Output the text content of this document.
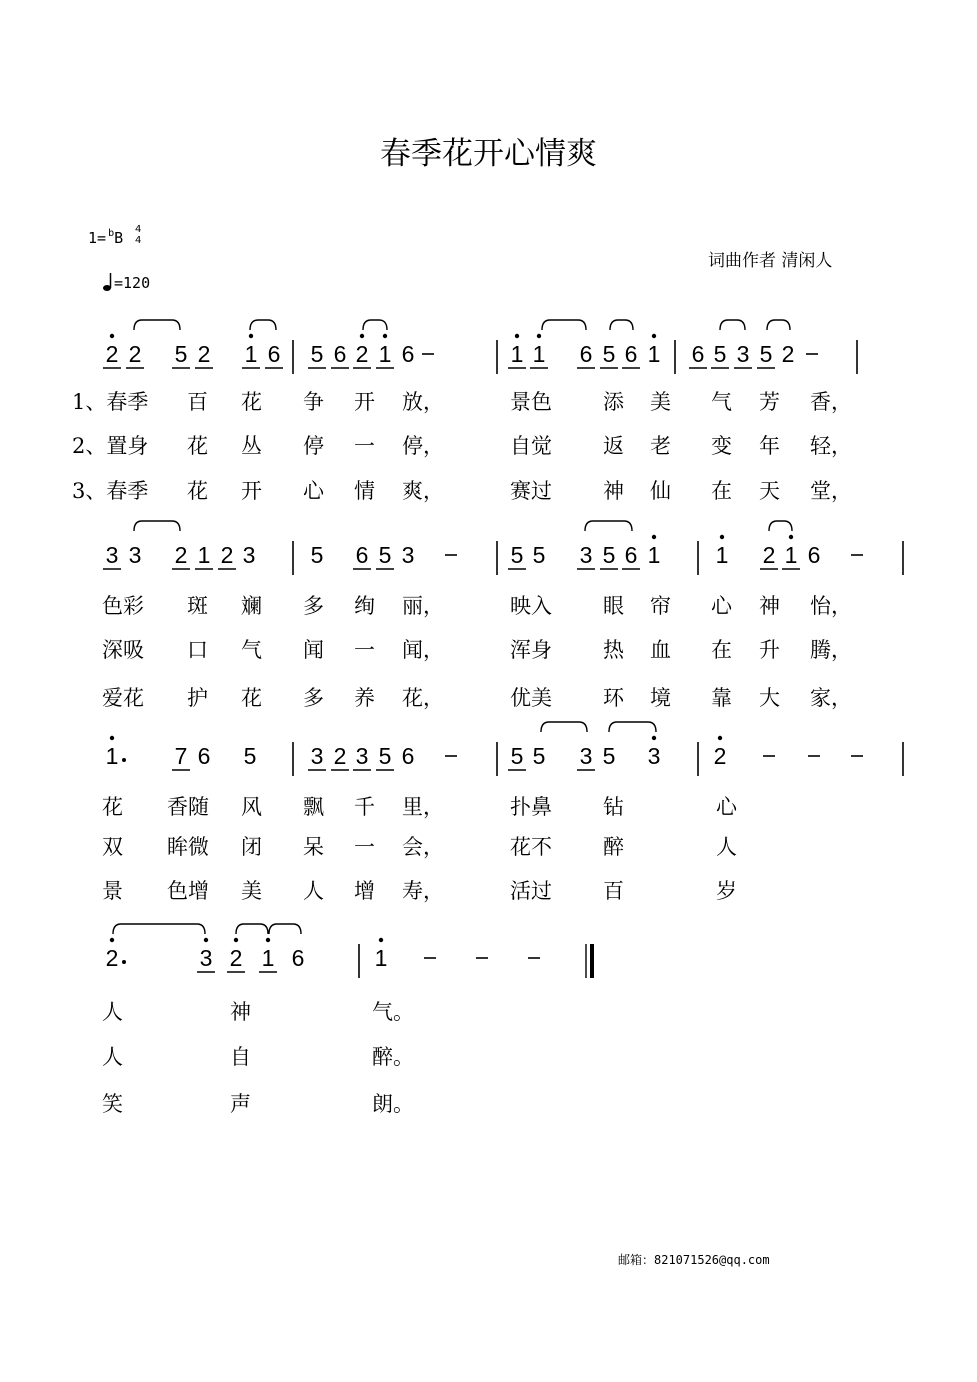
春季花开心情爽
1= $^b$B 4
4
=120
词曲作者 清闲人
邮箱：821071526@qq.com
2 2 5 2 1 6 5 6 2 1 6	1 1 6 5 6 1 6 5 3 5 2
3 3 2 1 2 3 5 6 5 3	5 5 3 5 6 1 1 2 1 6
1 7 6 5 3 2 3 5 6	5 5 3 5 3 2
2	3 2 1 6	1
1、春季 百 花 争 开 放，	景色 添 美 气 芳 香，
2、置身 花 丛 停 一 停，	自觉 返 老 变 年 轻，
3、春季 花 开 心 情 爽，	赛过 神 仙 在 天 堂，
色彩 斑 斓 多 绚 丽，	映入 眼 帘 心 神 怡，
深吸 口 气 闻 一 闻，	浑身 热 血 在 升 腾，
爱花 护 花 多 养 花，	优美 环 境 靠 大 家，
花 香随 风 飘 千 里，	扑鼻 钻	心
双 眸微 闭 呆 一 会，	花不 醉	人
景 色增 美 人 增 寿，	活过 百	岁
人	神	气。
人	自	醉。
笑	声	朗。
